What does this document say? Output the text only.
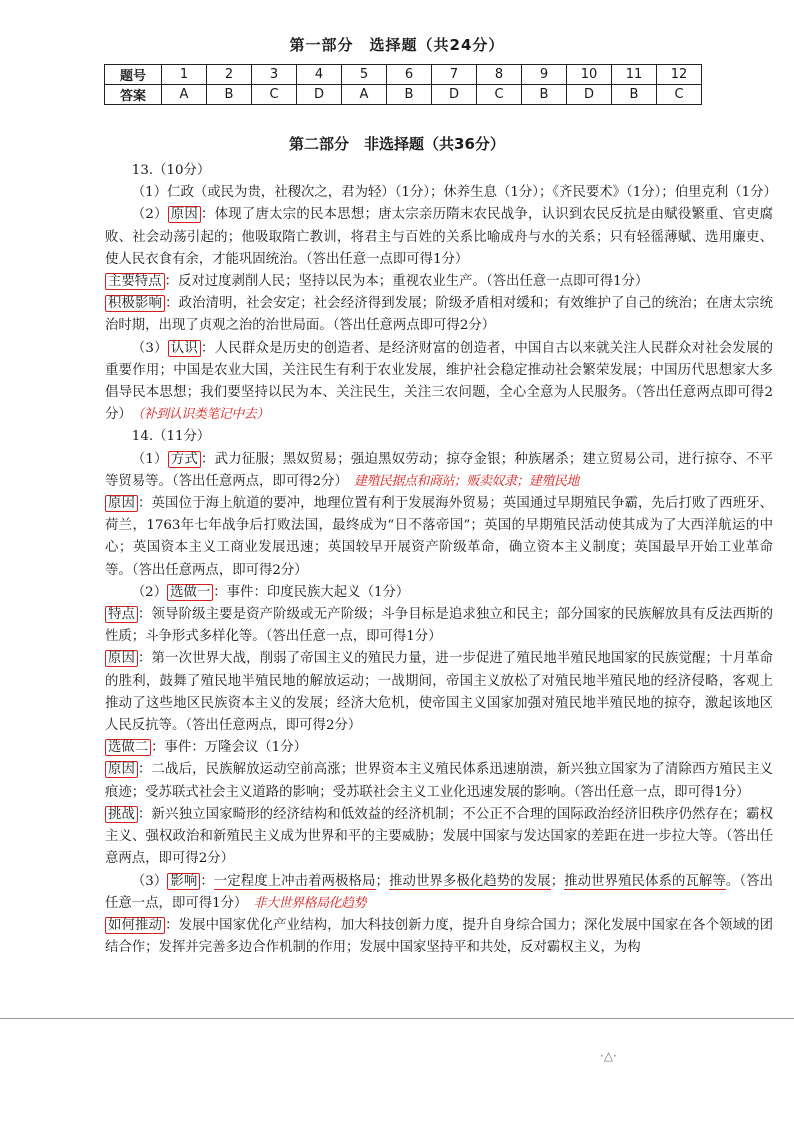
第一部分　选择题（共24分）
题号	1	2	3	4	5	6	7	8	9	10	11	12
答案	A	B	C	D	A	B	D	C	B	D	B	C
第二部分　非选择题（共36分）

13.（10分）

（1）仁政（或民为贵，社稷次之，君为轻）（1分）；休养生息（1分）；《齐民要术》（1分）；伯里克利（1分）

（2） 原因 ：体现了唐太宗的民本思想；唐太宗亲历隋末农民战争，认识到农民反抗是由赋役繁重、官吏腐败、社会动荡引起的；他吸取隋亡教训，将君主与百姓的关系比喻成舟与水的关系；只有轻徭薄赋、选用廉吏、使人民衣食有余，才能巩固统治。（答出任意一点即可得1分）

主要特点 ：反对过度剥削人民；坚持以民为本；重视农业生产。（答出任意一点即可得1分）

积极影响 ：政治清明，社会安定；社会经济得到发展；阶级矛盾相对缓和；有效维护了自己的统治；在唐太宗统治时期，出现了贞观之治的治世局面。（答出任意两点即可得2分）

（3） 认识 ：人民群众是历史的创造者、是经济财富的创造者，中国自古以来就关注人民群众对社会发展的重要作用；中国是农业大国，关注民生有利于农业发展，维护社会稳定推动社会繁荣发展；中国历代思想家大多倡导民本思想；我们要坚持以民为本、关注民生，关注三农问题，全心全意为人民服务。（答出任意两点即可得2分） （补到认识类笔记中去）

14.（11分）

（1） 方式 ：武力征服；黑奴贸易；强迫黑奴劳动；掠夺金银；种族屠杀；建立贸易公司，进行掠夺、不平等贸易等。（答出任意两点，即可得2分） 建殖民据点和商站；贩卖奴隶；建殖民地

原因 ：英国位于海上航道的要冲，地理位置有利于发展海外贸易；英国通过早期殖民争霸，先后打败了西班牙、荷兰，1763年七年战争后打败法国，最终成为“日不落帝国”；英国的早期殖民活动使其成为了大西洋航运的中心；英国资本主义工商业发展迅速；英国较早开展资产阶级革命，确立资本主义制度；英国最早开始工业革命等。（答出任意两点，即可得2分）

（2） 选做一 ：事件：印度民族大起义（1分）

特点 ：领导阶级主要是资产阶级或无产阶级；斗争目标是追求独立和民主；部分国家的民族解放具有反法西斯的性质；斗争形式多样化等。（答出任意一点，即可得1分）

原因 ：第一次世界大战，削弱了帝国主义的殖民力量，进一步促进了殖民地半殖民地国家的民族觉醒；十月革命的胜利，鼓舞了殖民地半殖民地的解放运动；一战期间，帝国主义放松了对殖民地半殖民地的经济侵略，客观上推动了这些地区民族资本主义的发展；经济大危机，使帝国主义国家加强对殖民地半殖民地的掠夺，激起该地区人民反抗等。（答出任意两点，即可得2分）

选做二 ：事件：万隆会议（1分）

原因 ：二战后，民族解放运动空前高涨；世界资本主义殖民体系迅速崩溃，新兴独立国家为了清除西方殖民主义痕迹；受苏联式社会主义道路的影响；受苏联社会主义工业化迅速发展的影响。（答出任意一点，即可得1分）

挑战 ：新兴独立国家畸形的经济结构和低效益的经济机制；不公正不合理的国际政治经济旧秩序仍然存在；霸权主义、强权政治和新殖民主义成为世界和平的主要威胁；发展中国家与发达国家的差距在进一步拉大等。（答出任意两点，即可得2分）

（3） 影响 ：一定程度上冲击着两极格局；推动世界多极化趋势的发展；推动世界殖民体系的瓦解等。（答出任意一点，即可得1分） 非大世界格局化趋势

如何推动 ：发展中国家优化产业结构，加大科技创新力度，提升自身综合国力；深化发展中国家在各个领域的团结合作；发挥并完善多边合作机制的作用；发展中国家坚持平和共处，反对霸权主义，为构

·△·
